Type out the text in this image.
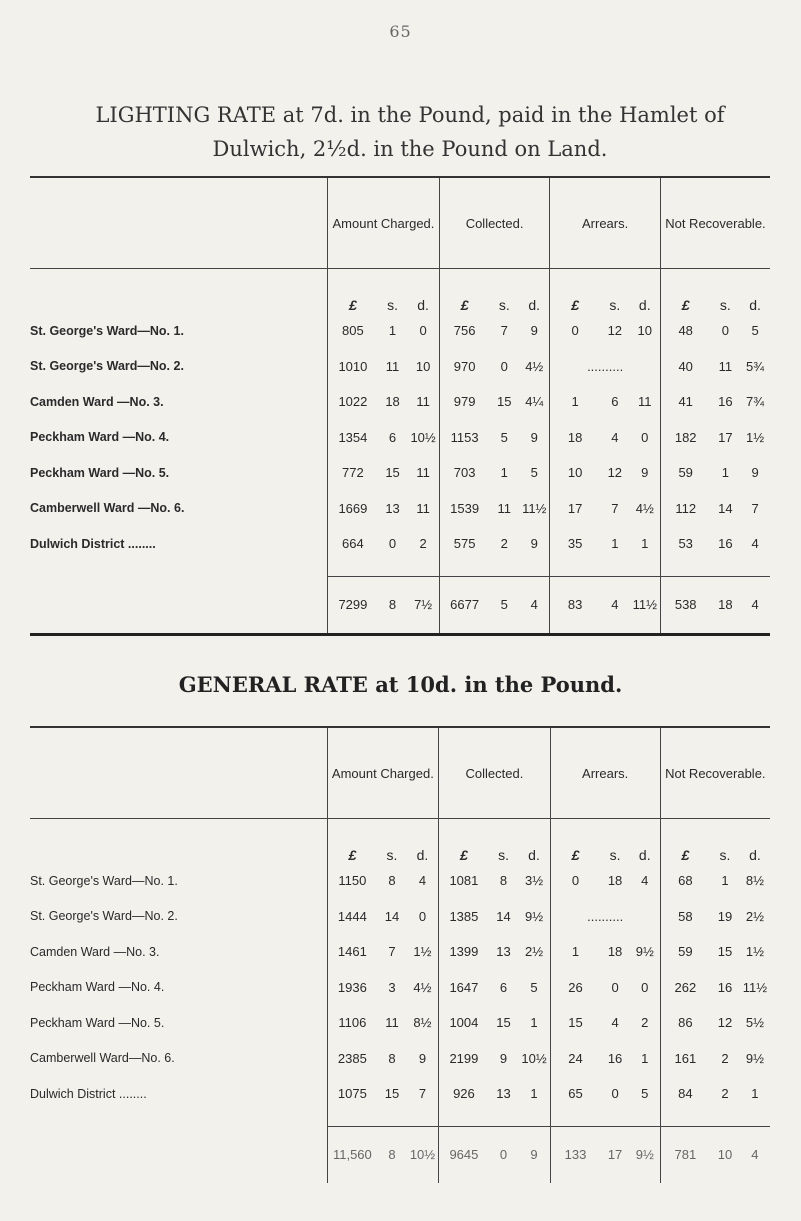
65
LIGHTING RATE at 7d. in the Pound, paid in the Hamlet of
Dulwich, 2½d. in the Pound on Land.
	Amount Charged.			Collected.			Arrears.			Not Recoverable.		
	£	s.	d.	£	s.	d.	£	s.	d.	£	s.	d.
St. George's Ward—No. 1.	805	1	0	756	7	9	0	12	10	48	0	5
St. George's Ward—No. 2.	1010	11	10	970	0	4½	..........			40	11	5¾
Camden Ward —No. 3.	1022	18	11	979	15	4¼	1	6	11	41	16	7¾
Peckham Ward —No. 4.	1354	6	10½	1153	5	9	18	4	0	182	17	1½
Peckham Ward —No. 5.	772	15	11	703	1	5	10	12	9	59	1	9
Camberwell Ward —No. 6.	1669	13	11	1539	11	11½	17	7	4½	112	14	7
Dulwich District ........	664	0	2	575	2	9	35	1	1	53	16	4

	7299	8	7½	6677	5	4	83	4	11½	538	18	4

GENERAL RATE at 10d. in the Pound.
	Amount Charged.			Collected.			Arrears.			Not Recoverable.		
	£	s.	d.	£	s.	d.	£	s.	d.	£	s.	d.
St. George's Ward—No. 1.	1150	8	4	1081	8	3½	0	18	4	68	1	8½
St. George's Ward—No. 2.	1444	14	0	1385	14	9½	..........			58	19	2½
Camden Ward —No. 3.	1461	7	1½	1399	13	2½	1	18	9½	59	15	1½
Peckham Ward —No. 4.	1936	3	4½	1647	6	5	26	0	0	262	16	11½
Peckham Ward —No. 5.	1106	11	8½	1004	15	1	15	4	2	86	12	5½
Camberwell Ward—No. 6.	2385	8	9	2199	9	10½	24	16	1	161	2	9½
Dulwich District ........	1075	15	7	926	13	1	65	0	5	84	2	1

	11,560	8	10½	9645	0	9	133	17	9½	781	10	4
